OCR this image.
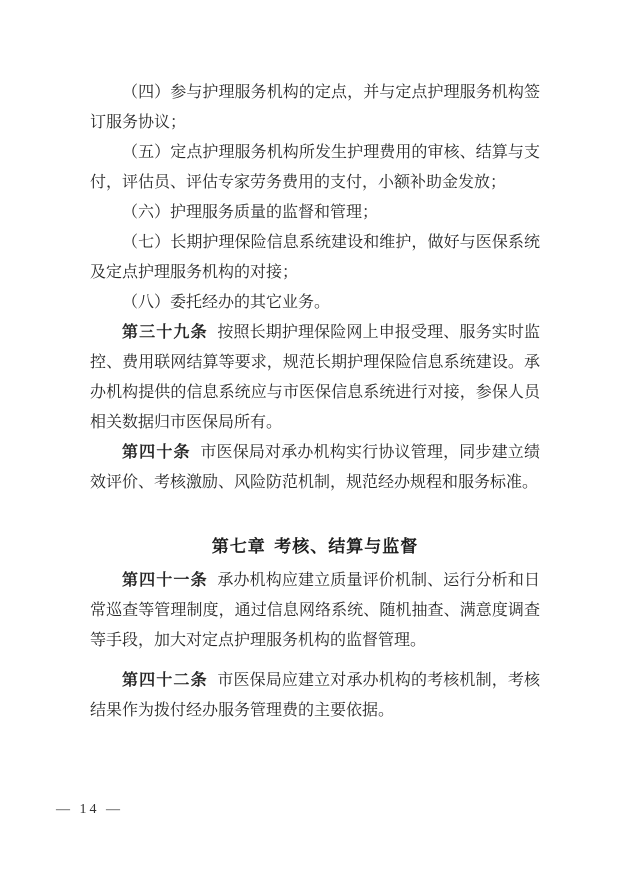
（四）参与护理服务机构的定点，并与定点护理服务机构签订服务协议；

（五）定点护理服务机构所发生护理费用的审核、结算与支付，评估员、评估专家劳务费用的支付，小额补助金发放；

（六）护理服务质量的监督和管理；

（七）长期护理保险信息系统建设和维护，做好与医保系统及定点护理服务机构的对接；

（八）委托经办的其它业务。

第三十九条 按照长期护理保险网上申报受理、服务实时监控、费用联网结算等要求，规范长期护理保险信息系统建设。承办机构提供的信息系统应与市医保信息系统进行对接，参保人员相关数据归市医保局所有。

第四十条 市医保局对承办机构实行协议管理，同步建立绩效评价、考核激励、风险防范机制，规范经办规程和服务标准。

第七章 考核、结算与监督

第四十一条 承办机构应建立质量评价机制、运行分析和日常巡查等管理制度，通过信息网络系统、随机抽查、满意度调查等手段，加大对定点护理服务机构的监督管理。

第四十二条 市医保局应建立对承办机构的考核机制，考核结果作为拨付经办服务管理费的主要依据。

— 14 —
